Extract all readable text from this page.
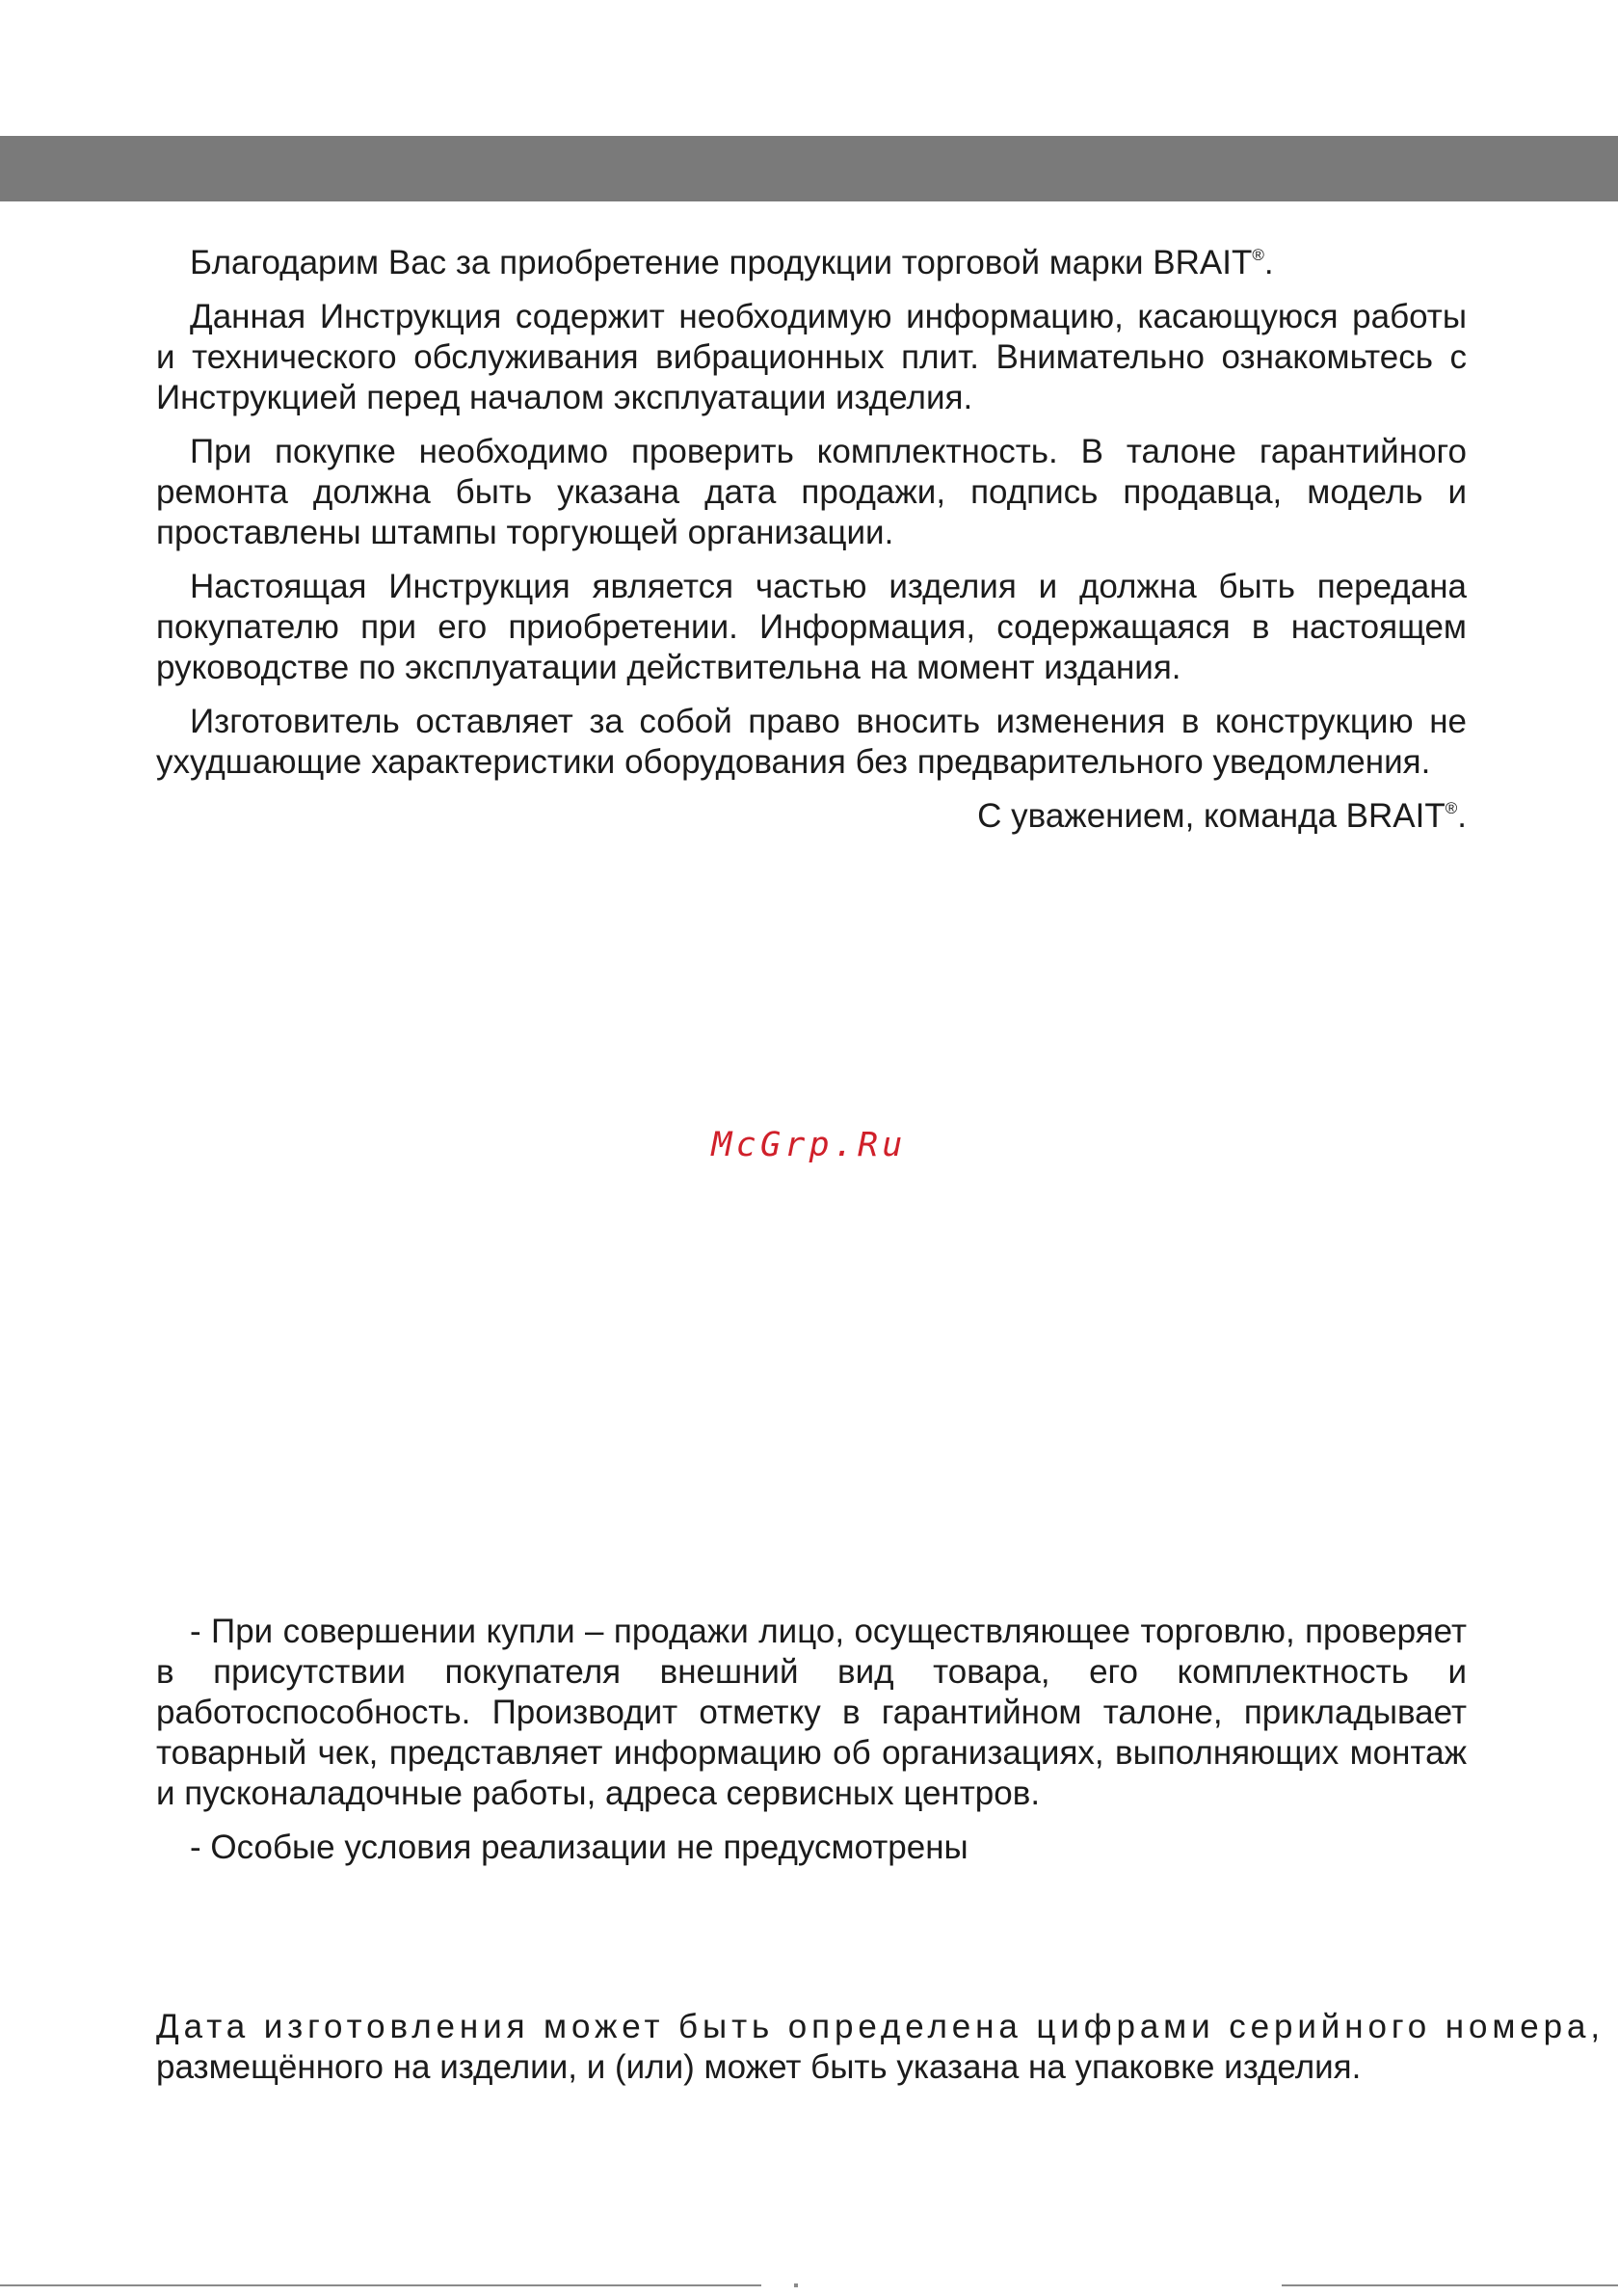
Благодарим Вас за приобретение продукции торговой марки BRAIT®.

Данная Инструкция содержит необходимую информацию, касающуюся работы и технического обслуживания вибрационных плит. Внимательно ознакомьтесь с Инструкцией перед началом эксплуатации изделия.

При покупке необходимо проверить комплектность. В талоне гарантийного ремонта должна быть указана дата продажи, подпись продавца, модель и проставлены штампы торгующей организации.

Настоящая Инструкция является частью изделия и должна быть передана покупателю при его приобретении. Информация, содержащаяся в настоящем руководстве по эксплуатации действительна на момент издания.

Изготовитель оставляет за собой право вносить изменения в конструкцию не ухудшающие характеристики оборудования без предварительного уведомления.

С уважением, команда BRAIT®.

McGrp.Ru

- При совершении купли – продажи лицо, осуществляющее торговлю, проверяет в присутствии покупателя внешний вид товара, его комплектность и работоспособность. Производит отметку в гарантийном талоне, прикладывает товарный чек, представляет информацию об организациях, выполняющих монтаж и пусконаладочные работы, адреса сервисных центров.

- Особые условия реализации не предусмотрены

Дата изготовления может быть определена цифрами серийного номера,

размещённого на изделии, и (или) может быть указана на упаковке изделия.
